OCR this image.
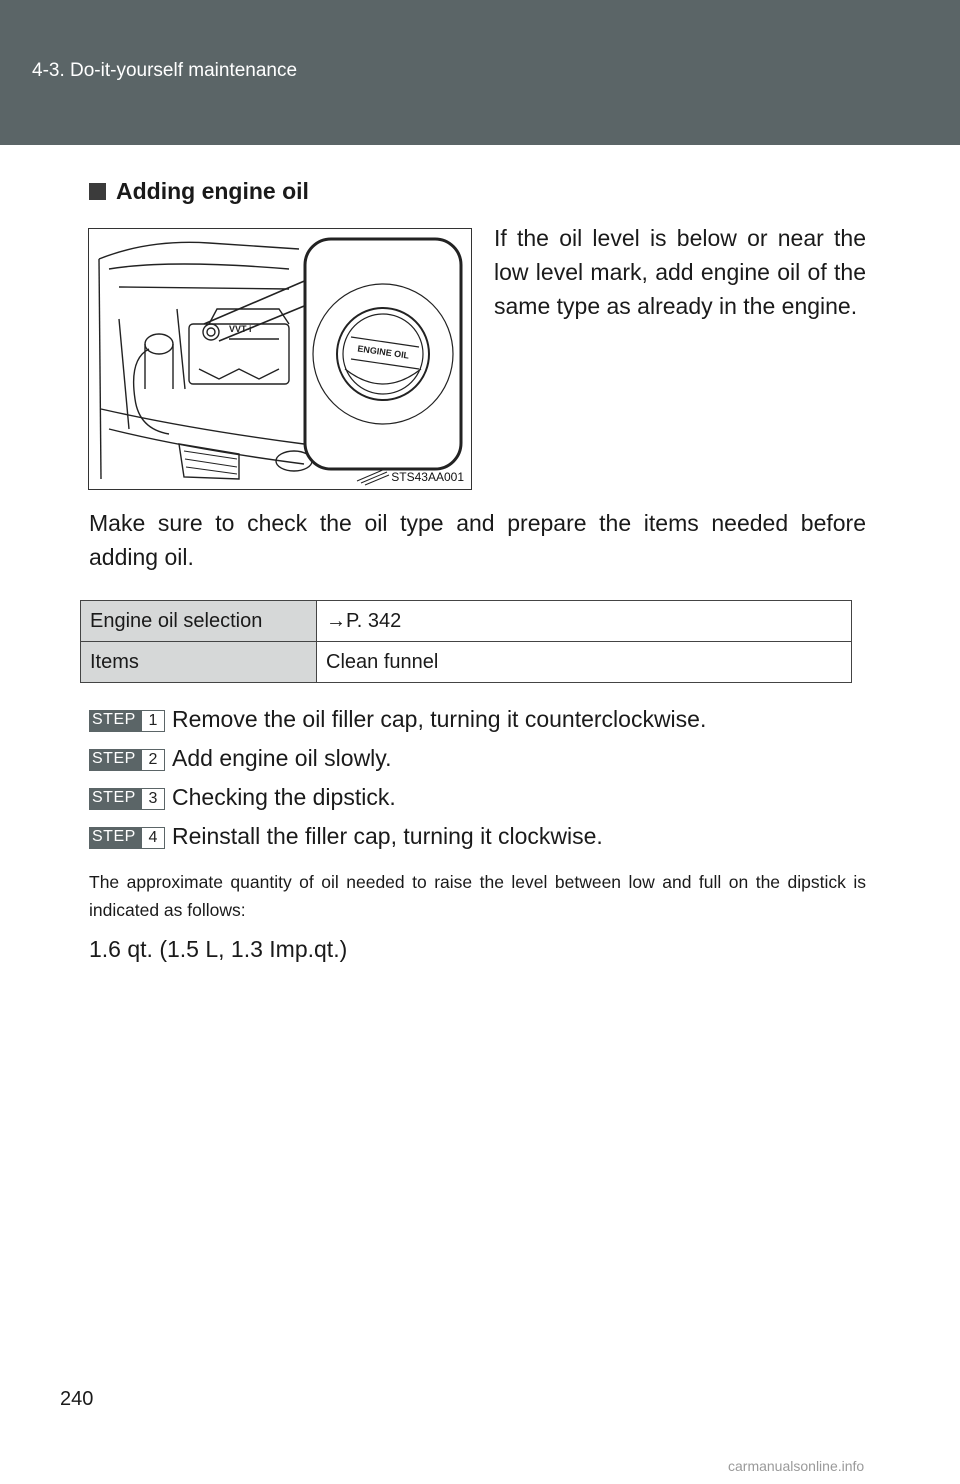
4-3. Do-it-yourself maintenance
Adding engine oil
ENGINE OIL
VVT-i
STS43AA001
If the oil level is below or near the low level mark, add engine oil of the same type as already in the engine.
Make sure to check the oil type and prepare the items needed before adding oil.
Engine oil selection	→P. 342
Items	Clean funnel
STEP 1 Remove the oil filler cap, turning it counterclockwise.
STEP 2 Add engine oil slowly.
STEP 3 Checking the dipstick.
STEP 4 Reinstall the filler cap, turning it clockwise.
The approximate quantity of oil needed to raise the level between low and full on the dipstick is indicated as follows:
1.6 qt. (1.5 L, 1.3 Imp.qt.)
240
carmanualsonline.info
